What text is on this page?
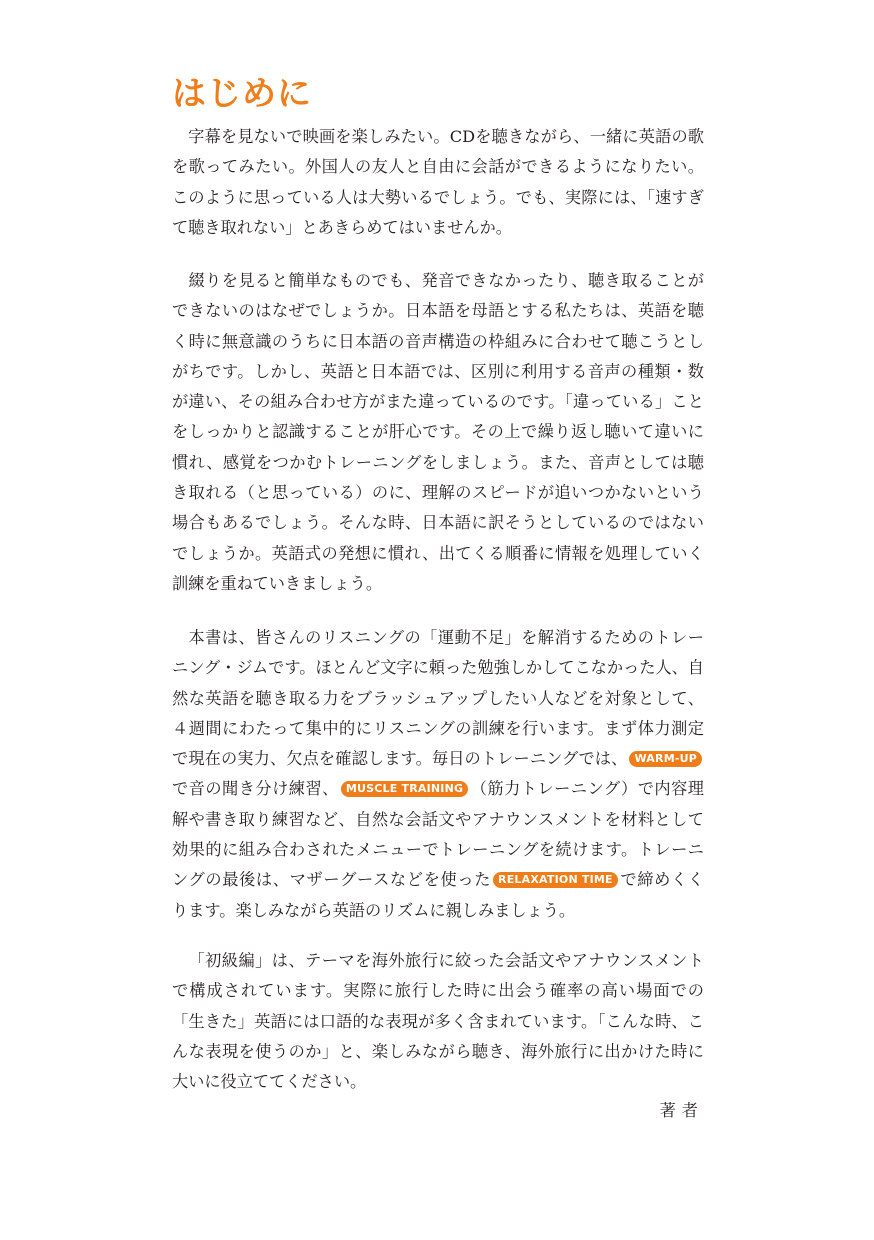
はじめに

字幕を見ないで映画を楽しみたい。CDを聴きながら、一緒に英語の歌を歌ってみたい。外国人の友人と自由に会話ができるようになりたい。このように思っている人は大勢いるでしょう。でも、実際には、「速すぎて聴き取れない」とあきらめてはいませんか。

綴りを見ると簡単なものでも、発音できなかったり、聴き取ることができないのはなぜでしょうか。日本語を母語とする私たちは、英語を聴く時に無意識のうちに日本語の音声構造の枠組みに合わせて聴こうとしがちです。しかし、英語と日本語では、区別に利用する音声の種類・数が違い、その組み合わせ方がまた違っているのです。「違っている」ことをしっかりと認識することが肝心です。その上で繰り返し聴いて違いに慣れ、感覚をつかむトレーニングをしましょう。また、音声としては聴き取れる（と思っている）のに、理解のスピードが追いつかないという場合もあるでしょう。そんな時、日本語に訳そうとしているのではないでしょうか。英語式の発想に慣れ、出てくる順番に情報を処理していく訓練を重ねていきましょう。

本書は、皆さんのリスニングの「運動不足」を解消するためのトレーニング・ジムです。ほとんど文字に頼った勉強しかしてこなかった人、自然な英語を聴き取る力をブラッシュアップしたい人などを対象として、４週間にわたって集中的にリスニングの訓練を行います。まず体力測定で現在の実力、欠点を確認します。毎日のトレーニングでは、 WARM-UPで音の聞き分け練習、 MUSCLE TRAINING （筋力トレーニング）で内容理解や書き取り練習など、自然な会話文やアナウンスメントを材料として効果的に組み合わされたメニューでトレーニングを続けます。トレーニングの最後は、マザーグースなどを使った RELAXATION TIME で締めくくります。楽しみながら英語のリズムに親しみましょう。

「初級編」は、テーマを海外旅行に絞った会話文やアナウンスメントで構成されています。実際に旅行した時に出会う確率の高い場面での「生きた」英語には口語的な表現が多く含まれています。「こんな時、こんな表現を使うのか」と、楽しみながら聴き、海外旅行に出かけた時に大いに役立ててください。

著者
